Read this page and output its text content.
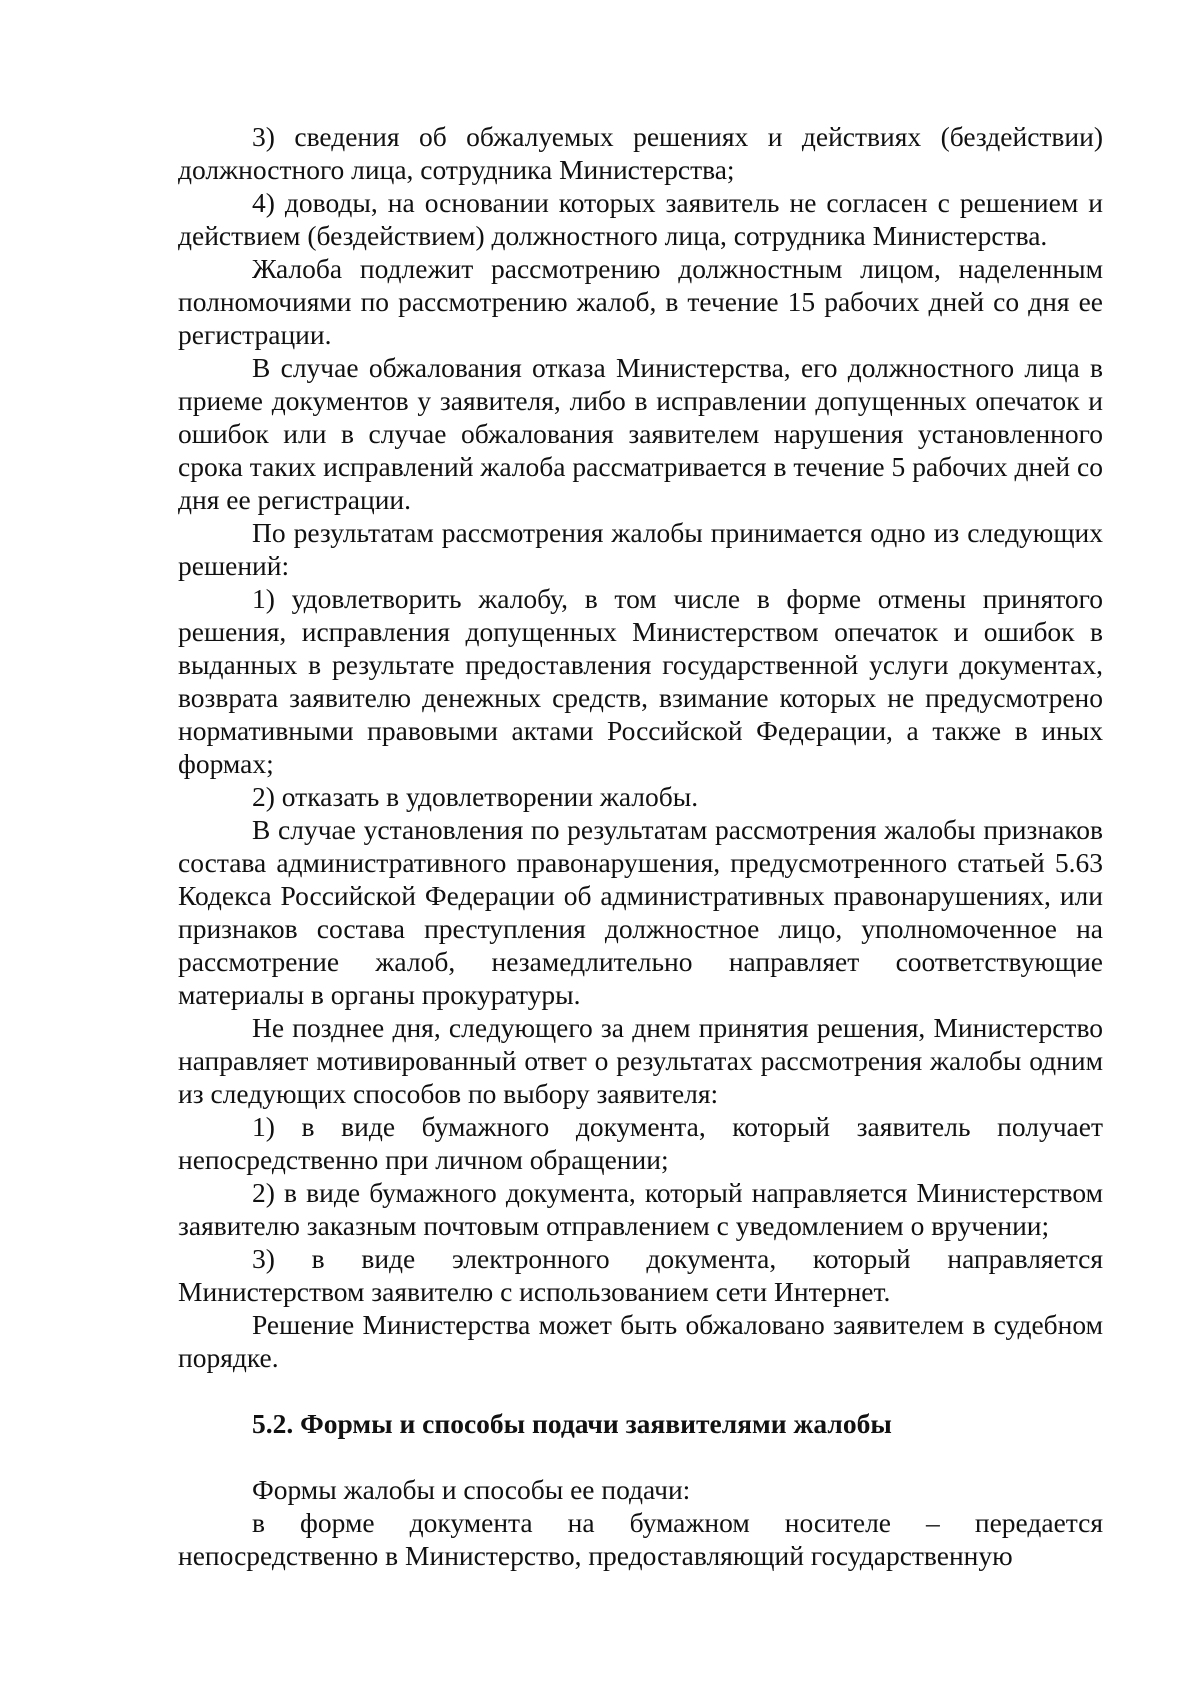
3) сведения об обжалуемых решениях и действиях (бездействии) должностного лица, сотрудника Министерства;

4) доводы, на основании которых заявитель не согласен с решением и действием (бездействием) должностного лица, сотрудника Министерства.

Жалоба подлежит рассмотрению должностным лицом, наделенным полномочиями по рассмотрению жалоб, в течение 15 рабочих дней со дня ее регистрации.

В случае обжалования отказа Министерства, его должностного лица в приеме документов у заявителя, либо в исправлении допущенных опечаток и ошибок или в случае обжалования заявителем нарушения установленного срока таких исправлений жалоба рассматривается в течение 5 рабочих дней со дня ее регистрации.

По результатам рассмотрения жалобы принимается одно из следующих решений:

1) удовлетворить жалобу, в том числе в форме отмены принятого решения, исправления допущенных Министерством опечаток и ошибок в выданных в результате предоставления государственной услуги документах, возврата заявителю денежных средств, взимание которых не предусмотрено нормативными правовыми актами Российской Федерации, а также в иных формах;

2) отказать в удовлетворении жалобы.

В случае установления по результатам рассмотрения жалобы признаков состава административного правонарушения, предусмотренного статьей 5.63 Кодекса Российской Федерации об административных правонарушениях, или признаков состава преступления должностное лицо, уполномоченное на рассмотрение жалоб, незамедлительно направляет соответствующие материалы в органы прокуратуры.

Не позднее дня, следующего за днем принятия решения, Министерство направляет мотивированный ответ о результатах рассмотрения жалобы одним из следующих способов по выбору заявителя:

1) в виде бумажного документа, который заявитель получает непосредственно при личном обращении;

2) в виде бумажного документа, который направляется Министерством заявителю заказным почтовым отправлением с уведомлением о вручении;

3) в виде электронного документа, который направляется Министерством заявителю с использованием сети Интернет.

Решение Министерства может быть обжаловано заявителем в судебном порядке.

5.2. Формы и способы подачи заявителями жалобы

Формы жалобы и способы ее подачи:

в форме документа на бумажном носителе – передается непосредственно в Министерство, предоставляющий государственную
